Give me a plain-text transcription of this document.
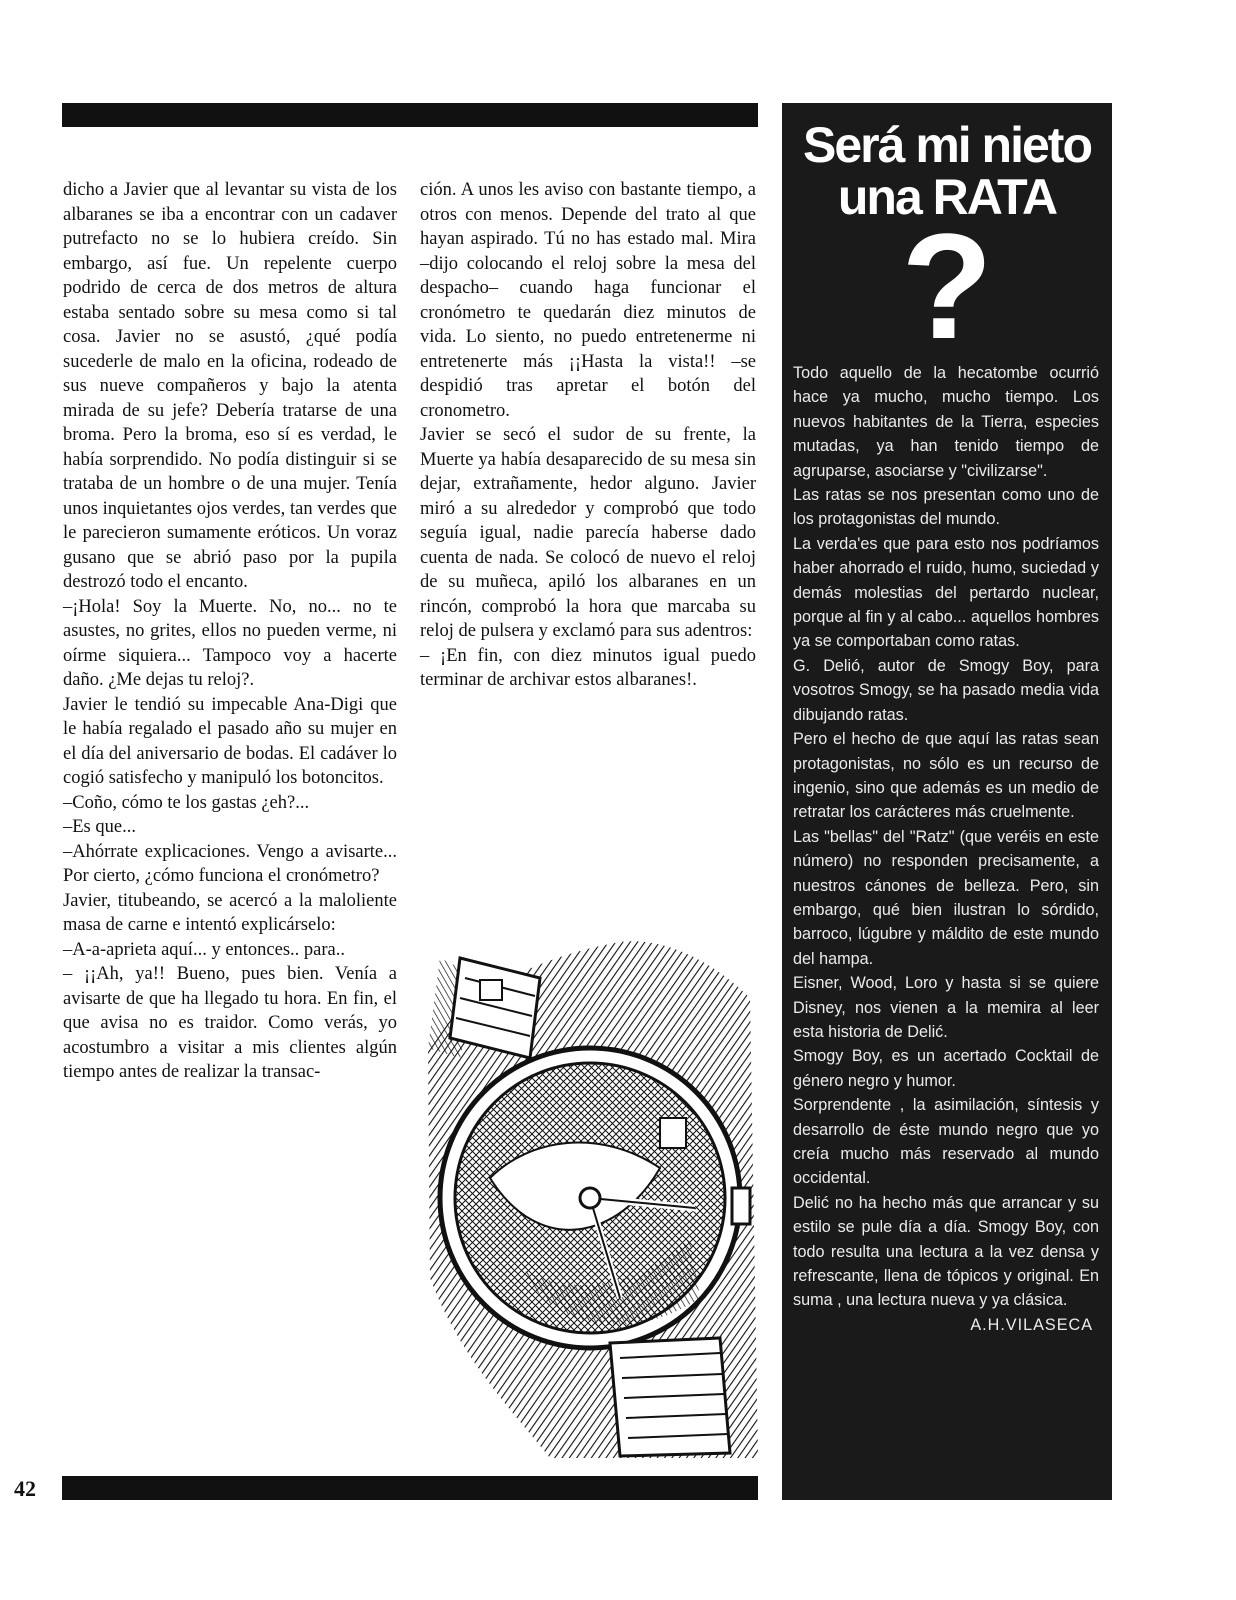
dicho a Javier que al levantar su vista de los albaranes se iba a encontrar con un cadaver putrefacto no se lo hubiera creído. Sin embargo, así fue. Un repelente cuerpo podrido de cerca de dos metros de altura estaba sentado sobre su mesa como si tal cosa. Javier no se asustó, ¿qué podía sucederle de malo en la oficina, rodeado de sus nueve compañeros y bajo la atenta mirada de su jefe? Debería tratarse de una broma. Pero la broma, eso sí es verdad, le había sorprendido. No podía distinguir si se trataba de un hombre o de una mujer. Tenía unos inquietantes ojos verdes, tan verdes que le parecieron sumamente eróticos. Un voraz gusano que se abrió paso por la pupila destrozó todo el encanto.

–¡Hola! Soy la Muerte. No, no... no te asustes, no grites, ellos no pueden verme, ni oírme siquiera... Tampoco voy a hacerte daño. ¿Me dejas tu reloj?.

Javier le tendió su impecable Ana-Digi que le había regalado el pasado año su mujer en el día del aniversario de bodas. El cadáver lo cogió satisfecho y manipuló los botoncitos.

–Coño, cómo te los gastas ¿eh?...

–Es que...

–Ahórrate explicaciones. Vengo a avisarte... Por cierto, ¿cómo funciona el cronómetro?

Javier, titubeando, se acercó a la maloliente masa de carne e intentó explicárselo:

–A-a-aprieta aquí... y entonces.. para..

– ¡¡Ah, ya!! Bueno, pues bien. Venía a avisarte de que ha llegado tu hora. En fin, el que avisa no es traidor. Como verás, yo acostumbro a visitar a mis clientes algún tiempo antes de realizar la transac-

ción. A unos les aviso con bastante tiempo, a otros con menos. Depende del trato al que hayan aspirado. Tú no has estado mal. Mira –dijo colocando el reloj sobre la mesa del despacho– cuando haga funcionar el cronómetro te quedarán diez minutos de vida. Lo siento, no puedo entretenerme ni entretenerte más ¡¡Hasta la vista!! –se despidió tras apretar el botón del cronometro.

Javier se secó el sudor de su frente, la Muerte ya había desaparecido de su mesa sin dejar, extrañamente, hedor alguno. Javier miró a su alrededor y comprobó que todo seguía igual, nadie parecía haberse dado cuenta de nada. Se colocó de nuevo el reloj de su muñeca, apiló los albaranes en un rincón, comprobó la hora que marcaba su reloj de pulsera y exclamó para sus adentros:

– ¡En fin, con diez minutos igual puedo terminar de archivar estos albaranes!.

42
Será mi nieto
una RATA
?

Todo aquello de la hecatombe ocurrió hace ya mucho, mucho tiempo. Los nuevos habitantes de la Tierra, especies mutadas, ya han tenido tiempo de agruparse, asociarse y "civilizarse".

Las ratas se nos presentan como uno de los protagonistas del mundo.

La verda'es que para esto nos podríamos haber ahorrado el ruido, humo, suciedad y demás molestias del pertardo nuclear, porque al fin y al cabo... aquellos hombres ya se comportaban como ratas.

G. Delió, autor de Smogy Boy, para vosotros Smogy, se ha pasado media vida dibujando ratas.

Pero el hecho de que aquí las ratas sean protagonistas, no sólo es un recurso de ingenio, sino que además es un medio de retratar los carácteres más cruelmente.

Las "bellas" del "Ratz" (que veréis en este número) no responden precisamente, a nuestros cánones de belleza. Pero, sin embargo, qué bien ilustran lo sórdido, barroco, lúgubre y máldito de este mundo del hampa.

Eisner, Wood, Loro y hasta si se quiere Disney, nos vienen a la memira al leer esta historia de Delić.

Smogy Boy, es un acertado Cocktail de género negro y humor.

Sorprendente , la asimilación, síntesis y desarrollo de éste mundo negro que yo creía mucho más reservado al mundo occidental.

Delić no ha hecho más que arrancar y su estilo se pule día a día. Smogy Boy, con todo resulta una lectura a la vez densa y refrescante, llena de tópicos y original. En suma , una lectura nueva y ya clásica.

A.H.VILASECA
